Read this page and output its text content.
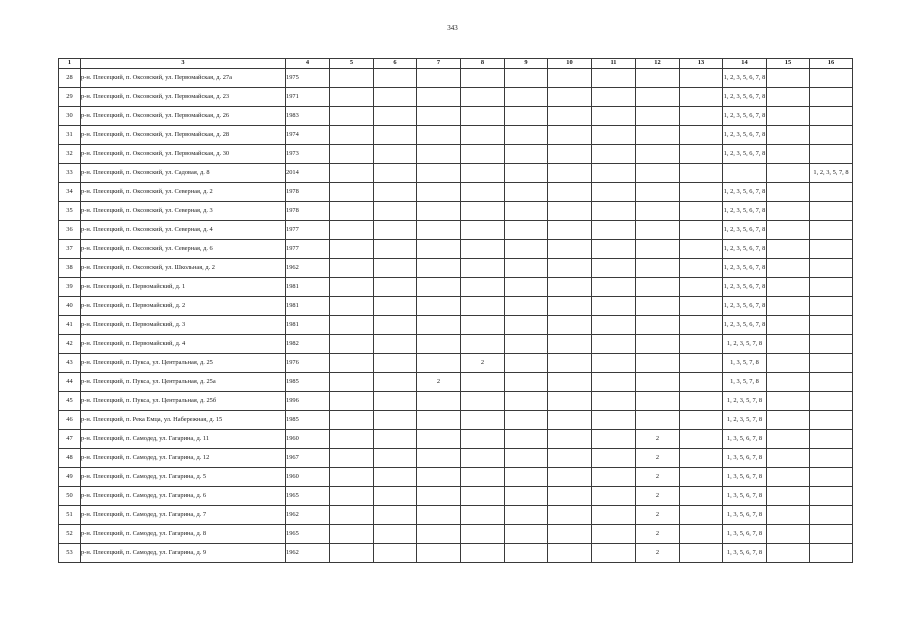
343
1	3	4	5	6	7	8	9	10	11	12	13	14	15	16
28	р-н. Плесецкий, п. Оксовский, ул. Первомайская, д. 27а	1975										1, 2, 3, 5, 6, 7, 8		
29	р-н. Плесецкий, п. Оксовский, ул. Первомайская, д. 23	1971										1, 2, 3, 5, 6, 7, 8		
30	р-н. Плесецкий, п. Оксовский, ул. Первомайская, д. 26	1983										1, 2, 3, 5, 6, 7, 8		
31	р-н. Плесецкий, п. Оксовский, ул. Первомайская, д. 28	1974										1, 2, 3, 5, 6, 7, 8		
32	р-н. Плесецкий, п. Оксовский, ул. Первомайская, д. 30	1973										1, 2, 3, 5, 6, 7, 8		
33	р-н. Плесецкий, п. Оксовский, ул. Садовая, д. 8	2014												1, 2, 3, 5, 7, 8
34	р-н. Плесецкий, п. Оксовский, ул. Северная, д. 2	1978										1, 2, 3, 5, 6, 7, 8		
35	р-н. Плесецкий, п. Оксовский, ул. Северная, д. 3	1978										1, 2, 3, 5, 6, 7, 8		
36	р-н. Плесецкий, п. Оксовский, ул. Северная, д. 4	1977										1, 2, 3, 5, 6, 7, 8		
37	р-н. Плесецкий, п. Оксовский, ул. Северная, д. 6	1977										1, 2, 3, 5, 6, 7, 8		
38	р-н. Плесецкий, п. Оксовский, ул. Школьная, д. 2	1962										1, 2, 3, 5, 6, 7, 8		
39	р-н. Плесецкий, п. Первомайский, д. 1	1981										1, 2, 3, 5, 6, 7, 8		
40	р-н. Плесецкий, п. Первомайский, д. 2	1981										1, 2, 3, 5, 6, 7, 8		
41	р-н. Плесецкий, п. Первомайский, д. 3	1981										1, 2, 3, 5, 6, 7, 8		
42	р-н. Плесецкий, п. Первомайский, д. 4	1982										1, 2, 3, 5, 7, 8		
43	р-н. Плесецкий, п. Пукса, ул. Центральная, д. 25	1976				2						1, 3, 5, 7, 8		
44	р-н. Плесецкий, п. Пукса, ул. Центральная, д. 25а	1985			2							1, 3, 5, 7, 8		
45	р-н. Плесецкий, п. Пукса, ул. Центральная, д. 25б	1996										1, 2, 3, 5, 7, 8		
46	р-н. Плесецкий, п. Река Емца, ул. Набережная, д. 15	1985										1, 2, 3, 5, 7, 8		
47	р-н. Плесецкий, п. Самодед, ул. Гагарина, д. 11	1960								2		1, 3, 5, 6, 7, 8		
48	р-н. Плесецкий, п. Самодед, ул. Гагарина, д. 12	1967								2		1, 3, 5, 6, 7, 8		
49	р-н. Плесецкий, п. Самодед, ул. Гагарина, д. 5	1960								2		1, 3, 5, 6, 7, 8		
50	р-н. Плесецкий, п. Самодед, ул. Гагарина, д. 6	1965								2		1, 3, 5, 6, 7, 8		
51	р-н. Плесецкий, п. Самодед, ул. Гагарина, д. 7	1962								2		1, 3, 5, 6, 7, 8		
52	р-н. Плесецкий, п. Самодед, ул. Гагарина, д. 8	1965								2		1, 3, 5, 6, 7, 8		
53	р-н. Плесецкий, п. Самодед, ул. Гагарина, д. 9	1962								2		1, 3, 5, 6, 7, 8		
